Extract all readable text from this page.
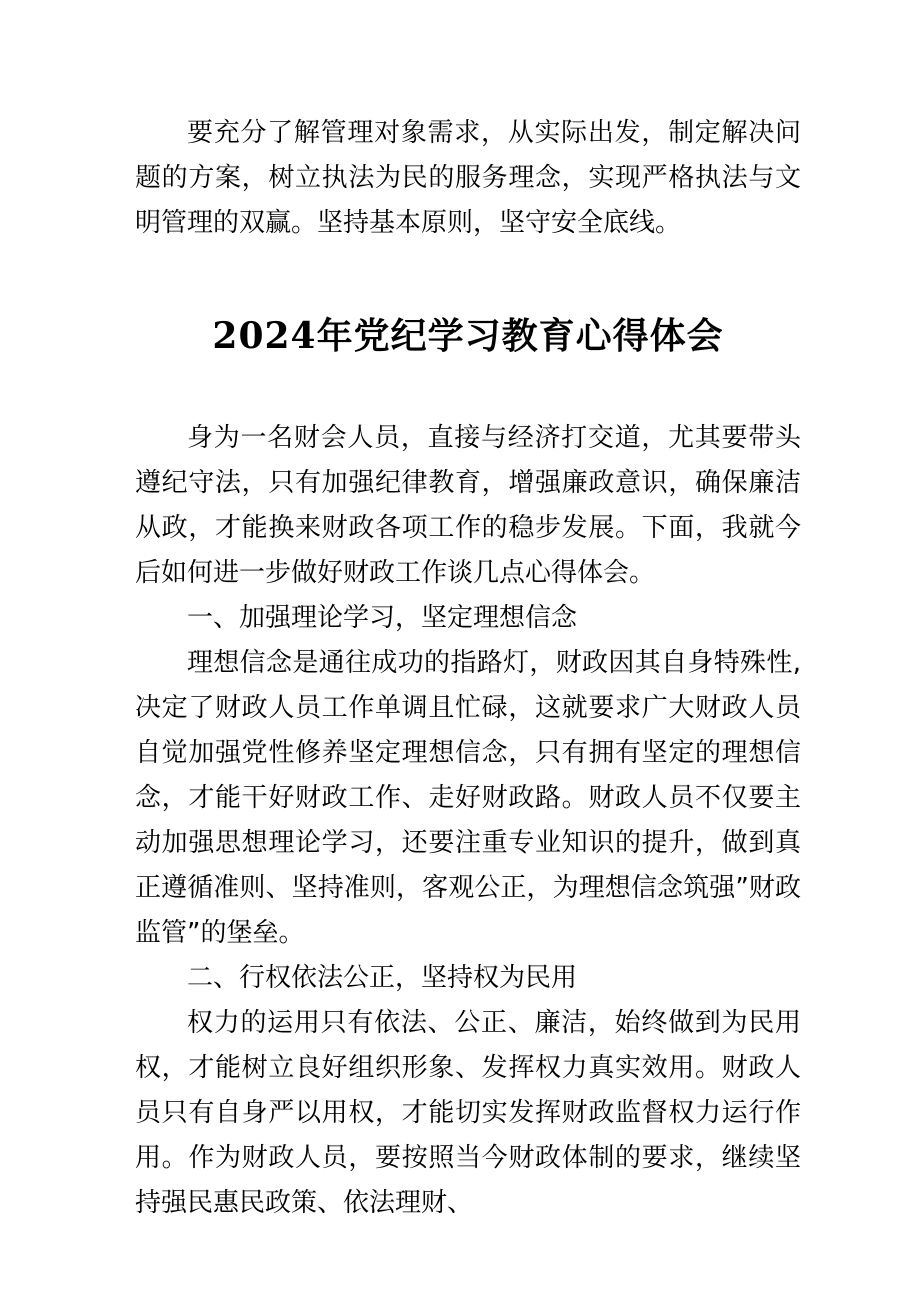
要充分了解管理对象需求，从实际出发，制定解决问题的方案，树立执法为民的服务理念，实现严格执法与文明管理的双赢。坚持基本原则，坚守安全底线。

2024年党纪学习教育心得体会

身为一名财会人员，直接与经济打交道，尤其要带头遵纪守法，只有加强纪律教育，增强廉政意识，确保廉洁从政，才能换来财政各项工作的稳步发展。下面，我就今后如何进一步做好财政工作谈几点心得体会。

一、加强理论学习，坚定理想信念

理想信念是通往成功的指路灯，财政因其自身特殊性,决定了财政人员工作单调且忙碌，这就要求广大财政人员自觉加强党性修养坚定理想信念，只有拥有坚定的理想信念，才能干好财政工作、走好财政路。财政人员不仅要主动加强思想理论学习，还要注重专业知识的提升，做到真正遵循准则、坚持准则，客观公正，为理想信念筑强”财政监管”的堡垒。

二、行权依法公正，坚持权为民用

权力的运用只有依法、公正、廉洁，始终做到为民用权，才能树立良好组织形象、发挥权力真实效用。财政人员只有自身严以用权，才能切实发挥财政监督权力运行作用。作为财政人员，要按照当今财政体制的要求，继续坚持强民惠民政策、依法理财、
